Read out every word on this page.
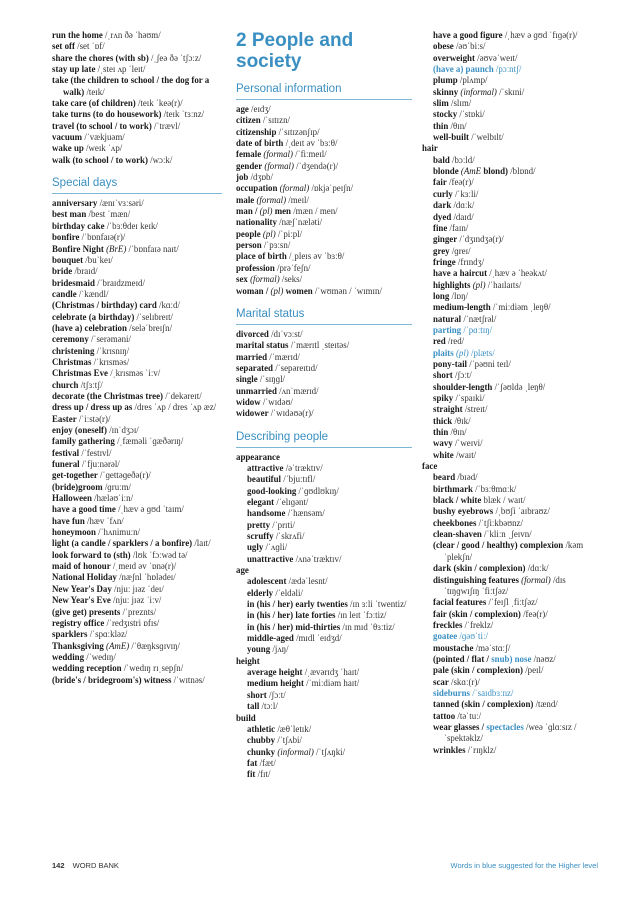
run the home /ˌrʌn ðə ˈhəʊm/
set off /set ˈɒf/
share the chores (with sb) /ˌʃeə ðə ˈtʃɔːz/
stay up late /ˌsteɪ ʌp ˈleɪt/
take (the children to school / the dog for a walk) /teɪk/
take care (of children) /teɪk ˈkeə(r)/
take turns (to do housework) /teɪk ˈtɜːnz/
travel (to school / to work) /ˈtrævl/
vacuum /ˈvækjuəm/
wake up /weɪk ˈʌp/
walk (to school / to work) /wɔːk/
Special days
anniversary /ænɪˈvɜːsəri/
best man /best ˈmæn/
birthday cake /ˈbɜːθdeɪ keɪk/
bonfire /ˈbɒnfaɪə(r)/
Bonfire Night (BrE) /ˈbɒnfaɪə naɪt/
bouquet /buˈkeɪ/
bride /braɪd/
bridesmaid /ˈbraɪdzmeɪd/
candle /ˈkændl/
(Christmas / birthday) card /kɑːd/
celebrate (a birthday) /ˈselɪbreɪt/
(have a) celebration /seləˈbreɪʃn/
ceremony /ˈserəməni/
christening /ˈkrɪsnɪŋ/
Christmas /ˈkrɪsməs/
Christmas Eve /ˌkrɪsməs ˈiːv/
church /tʃɜːtʃ/
decorate (the Christmas tree) /ˈdekəreɪt/
dress up / dress up as /dres ˈʌp / dres ˈʌp æz/
Easter /ˈiːstə(r)/
enjoy (oneself) /ɪnˈdʒɔɪ/
family gathering /ˌfæməli ˈɡæðərɪŋ/
festival /ˈfestɪvl/
funeral /ˈfjuːnərəl/
get-together /ˈɡettəɡeðə(r)/
(bride)groom /ɡruːm/
Halloween /hæləʊˈiːn/
have a good time /ˌhæv ə ɡʊd ˈtaɪm/
have fun /hæv ˈfʌn/
honeymoon /ˈhʌnimuːn/
light (a candle / sparklers / a bonfire) /laɪt/
look forward to (sth) /lʊk ˈfɔːwəd tə/
maid of honour /ˌmeɪd əv ˈɒnə(r)/
National Holiday /næʃnl ˈhɒlədeɪ/
New Year's Day /njuː jɪəz ˈdeɪ/
New Year's Eve /njuː jɪəz ˈiːv/
(give get) presents /ˈpreznts/
registry office /ˈredʒɪstri ɒfɪs/
sparklers /ˈspɑːkləz/
Thanksgiving (AmE) /ˈθæŋksɡɪvɪŋ/
wedding /ˈwedɪŋ/
wedding reception /ˈwedɪŋ rɪˌsepʃn/
(bride's / bridegroom's) witness /ˈwɪtnəs/
2 People and society
Personal information
age /eɪdʒ/
citizen /ˈsɪtɪzn/
citizenship /ˈsɪtɪzənʃɪp/
date of birth /ˌdeɪt əv ˈbɜːθ/
female (formal) /ˈfiːmeɪl/
gender (formal) /ˈdʒendə(r)/
job /dʒɒb/
occupation (formal) /ɒkjəˈpeɪʃn/
male (formal) /meɪl/
man / (pl) men /mæn / men/
nationality /næʃˈnæləti/
people (pl) /ˈpiːpl/
person /ˈpɜːsn/
place of birth /ˌpleɪs əv ˈbɜːθ/
profession /prəˈfeʃn/
sex (formal) /seks/
woman / (pl) women /ˈwʊmən / ˈwɪmɪn/
Marital status
divorced /dɪˈvɔːst/
marital status /ˈmærɪtl ˌsteɪtəs/
married /ˈmærɪd/
separated /ˈsepəreɪtɪd/
single /ˈsɪŋɡl/
unmarried /ʌnˈmærɪd/
widow /ˈwɪdəʊ/
widower /ˈwɪdəʊə(r)/
Describing people
appearance
attractive /əˈtræktɪv/
beautiful /ˈbjuːtɪfl/
good-looking /ˈɡʊdlʊkɪŋ/
elegant /ˈelɪɡənt/
handsome /ˈhænsəm/
pretty /ˈprɪti/
scruffy /ˈskrʌfi/
ugly /ˈʌɡli/
unattractive /ʌnəˈtræktɪv/
age
adolescent /ædəˈlesnt/
elderly /ˈeldəli/
in (his / her) early twenties /ɪn ɜːli ˈtwentiz/
in (his / her) late forties /ɪn leɪt ˈfɔːtiz/
in (his / her) mid-thirties /ɪn mɪd ˈθɜːtiz/
middle-aged /mɪdl ˈeɪdʒd/
young /jʌŋ/
height
average height /ˌævərɪdʒ ˈhaɪt/
medium height /ˈmiːdiəm haɪt/
short /ʃɔːt/
tall /tɔːl/
build
athletic /æθˈletɪk/
chubby /ˈtʃʌbi/
chunky (informal) /ˈtʃʌŋki/
fat /fæt/
fit /fɪt/
have a good figure /ˌhæv ə ɡʊd ˈfɪɡə(r)/
obese /əʊˈbiːs/
overweight /əʊvəˈweɪt/
(have a) paunch /pɔːntʃ/
plump /plʌmp/
skinny (informal) /ˈskɪni/
slim /slɪm/
stocky /ˈstɒki/
thin /θɪn/
well-built /ˈwelbɪlt/
hair
bald /bɔːld/
blonde (AmE blond) /blɒnd/
fair /feə(r)/
curly /ˈkɜːli/
dark /dɑːk/
dyed /daɪd/
fine /faɪn/
ginger /ˈdʒɪndʒə(r)/
grey /ɡreɪ/
fringe /frɪndʒ/
have a haircut /ˌhæv ə ˈheəkʌt/
highlights (pl) /ˈhaɪlaɪts/
long /lɒŋ/
medium-length /ˈmiːdiəm ˌleŋθ/
natural /ˈnætʃrəl/
parting /ˈpɑːtɪŋ/
red /red/
plaits (pl) /plæts/
pony-tail /ˈpəʊni teɪl/
short /ʃɔːt/
shoulder-length /ˈʃəʊldə ˌleŋθ/
spiky /ˈspaɪki/
straight /streɪt/
thick /θɪk/
thin /θɪn/
wavy /ˈweɪvi/
white /waɪt/
face
beard /bɪəd/
birthmark /ˈbɜːθmɑːk/
black / white blæk / waɪt/
bushy eyebrows /ˌbʊʃi ˈaɪbraʊz/
cheekbones /ˈtʃiːkbəʊnz/
clean-shaven /ˈkliːn ˌʃeɪvn/
(clear / good / healthy) complexion /kəmˈplekʃn/
dark (skin / complexion) /dɑːk/
distinguishing features (formal) /dɪsˈtɪŋɡwɪʃɪŋ ˈfiːtʃəz/
facial features /ˈfeɪʃl ˌfiːtʃəz/
fair (skin / complexion) /feə(r)/
freckles /ˈfreklz/
goatee /ɡəʊˈtiː/
moustache /məˈstɑːʃ/
(pointed / flat / snub) nose /nəʊz/
pale (skin / complexion) /peɪl/
scar /skɑː(r)/
sideburns /ˈsaɪdbɜːnz/
tanned (skin / complexion) /tænd/
tattoo /təˈtuː/
wear glasses / spectacles /weə ˈɡlɑːsɪz / ˈspektəklz/
wrinkles /ˈrɪŋklz/
142 WORD BANK	Words in blue suggested for the Higher level
